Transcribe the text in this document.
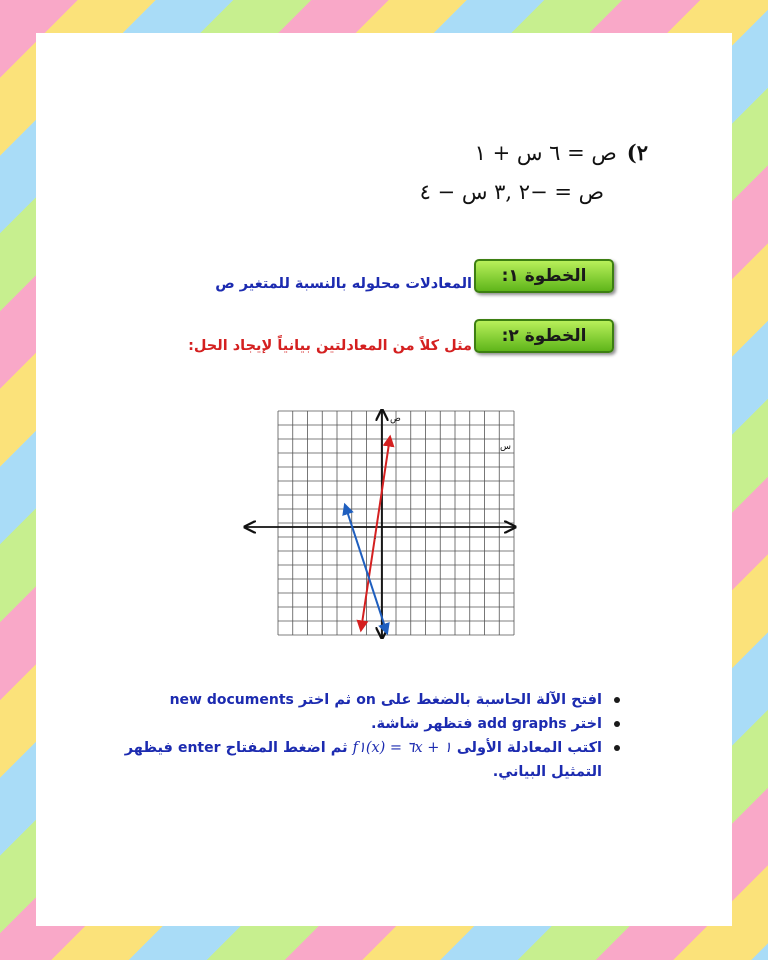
٢)ص = ٦ س + ١
ص = −٢ ,٣ س − ٤
الخطوة ١:
المعادلات محلوله بالنسبة للمتغير ص
الخطوة ٢:
مثل كلاً من المعادلتين بيانياً لإيجاد الحل:
ص
س
٠
افتح الآلة الحاسبة بالضغط على on ثم اختر new documents
اختر add graphs فتظهر شاشة.
اكتب المعادلة الأولى f١(x) = ٦x + ١ ثم اضغط المفتاح enter فيظهر التمثيل البياني.
